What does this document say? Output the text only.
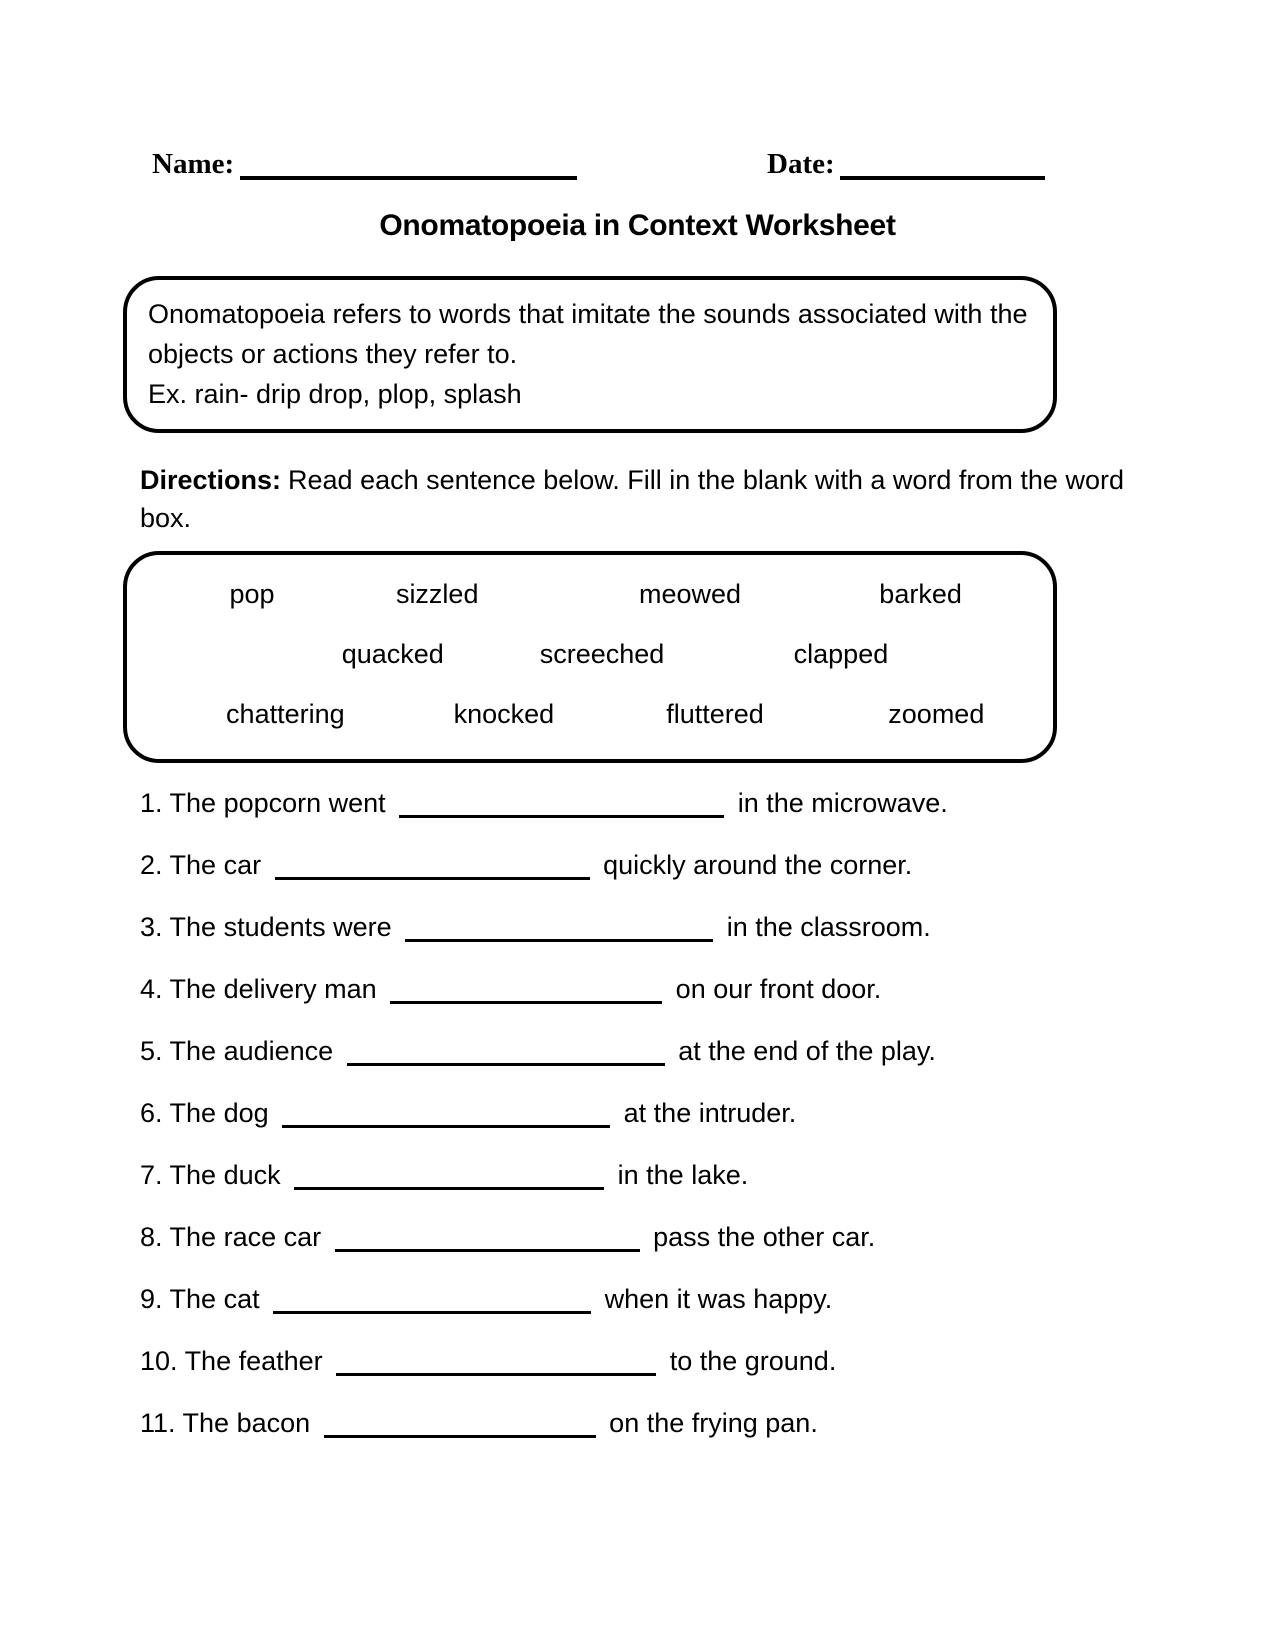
Name:	Date:
Onomatopoeia in Context Worksheet
Onomatopoeia refers to words that imitate the sounds associated with the
objects or actions they refer to.
Ex. rain- drip drop, plop, splash
Directions: Read each sentence below. Fill in the blank with a word from the word
box.
pop	sizzled	meowed	barked
quacked	screeched	clapped
chattering	knocked	fluttered	zoomed
1. The popcorn went	in the microwave.
2. The car	quickly around the corner.
3. The students were	in the classroom.
4. The delivery man	on our front door.
5. The audience	at the end of the play.
6. The dog	at the intruder.
7. The duck	in the lake.
8. The race car	pass the other car.
9. The cat	when it was happy.
10. The feather	to the ground.
11. The bacon	on the frying pan.
